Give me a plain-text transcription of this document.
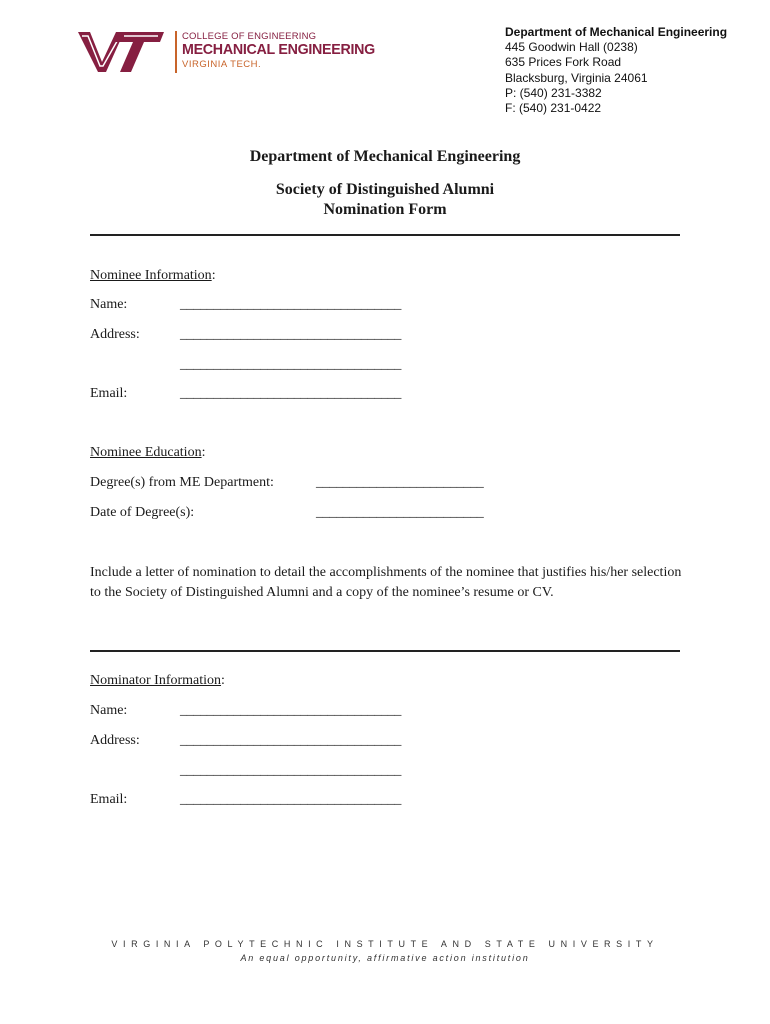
COLLEGE OF ENGINEERING
MECHANICAL ENGINEERING
VIRGINIA TECH.
Department of Mechanical Engineering
445 Goodwin Hall (0238)
635 Prices Fork Road
Blacksburg, Virginia 24061
P: (540) 231-3382
F: (540) 231-0422
Department of Mechanical Engineering
Society of Distinguished Alumni
Nomination Form
Nominee Information:
Name:	_________________________________
Address:	_________________________________
_________________________________
Email:	_________________________________
Nominee Education:
Degree(s) from ME Department:	_________________________
Date of Degree(s):	_________________________
Include a letter of nomination to detail the accomplishments of the nominee that justifies his/her selection to the Society of Distinguished Alumni and a copy of the nominee’s resume or CV.
Nominator Information:
Name:	_________________________________
Address:	_________________________________
_________________________________
Email:	_________________________________
VIRGINIA POLYTECHNIC INSTITUTE AND STATE UNIVERSITY
An equal opportunity, affirmative action institution
